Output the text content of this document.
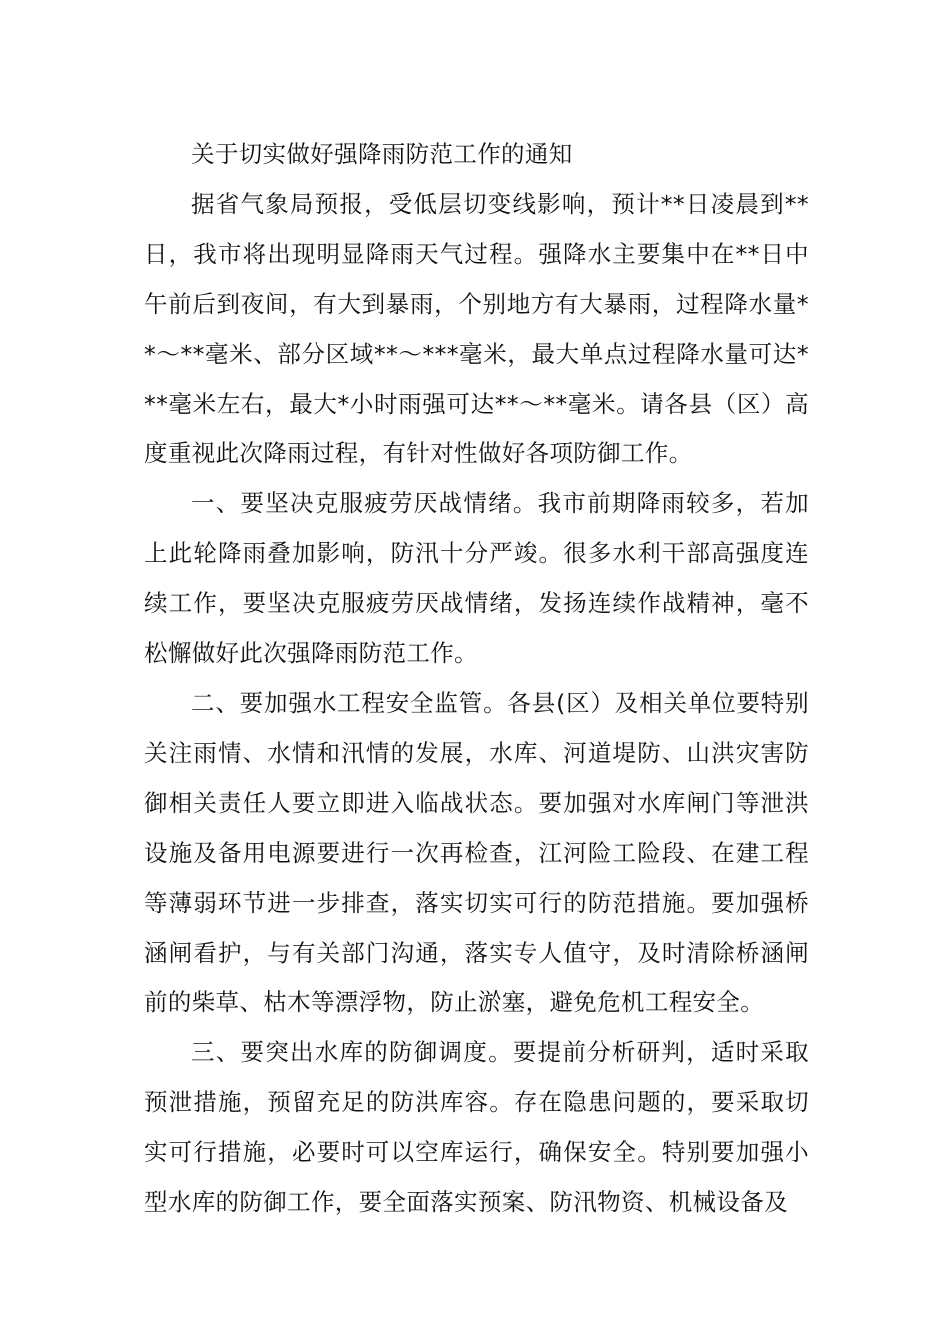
关于切实做好强降雨防范工作的通知

据省气象局预报，受低层切变线影响，预计**日凌晨到**日，我市将出现明显降雨天气过程。强降水主要集中在**日中午前后到夜间，有大到暴雨，个别地方有大暴雨，过程降水量**～**毫米、部分区域**～***毫米，最大单点过程降水量可达***毫米左右，最大*小时雨强可达**～**毫米。请各县（区）高度重视此次降雨过程，有针对性做好各项防御工作。

一、要坚决克服疲劳厌战情绪。我市前期降雨较多，若加上此轮降雨叠加影响，防汛十分严竣。很多水利干部高强度连续工作，要坚决克服疲劳厌战情绪，发扬连续作战精神，毫不松懈做好此次强降雨防范工作。

二、要加强水工程安全监管。各县(区）及相关单位要特别关注雨情、水情和汛情的发展，水库、河道堤防、山洪灾害防御相关责任人要立即进入临战状态。要加强对水库闸门等泄洪设施及备用电源要进行一次再检查，江河险工险段、在建工程等薄弱环节进一步排查，落实切实可行的防范措施。要加强桥涵闸看护，与有关部门沟通，落实专人值守，及时清除桥涵闸前的柴草、枯木等漂浮物，防止淤塞，避免危机工程安全。

三、要突出水库的防御调度。要提前分析研判，适时采取预泄措施，预留充足的防洪库容。存在隐患问题的，要采取切实可行措施，必要时可以空库运行，确保安全。特别要加强小型水库的防御工作，要全面落实预案、防汛物资、机械设备及
